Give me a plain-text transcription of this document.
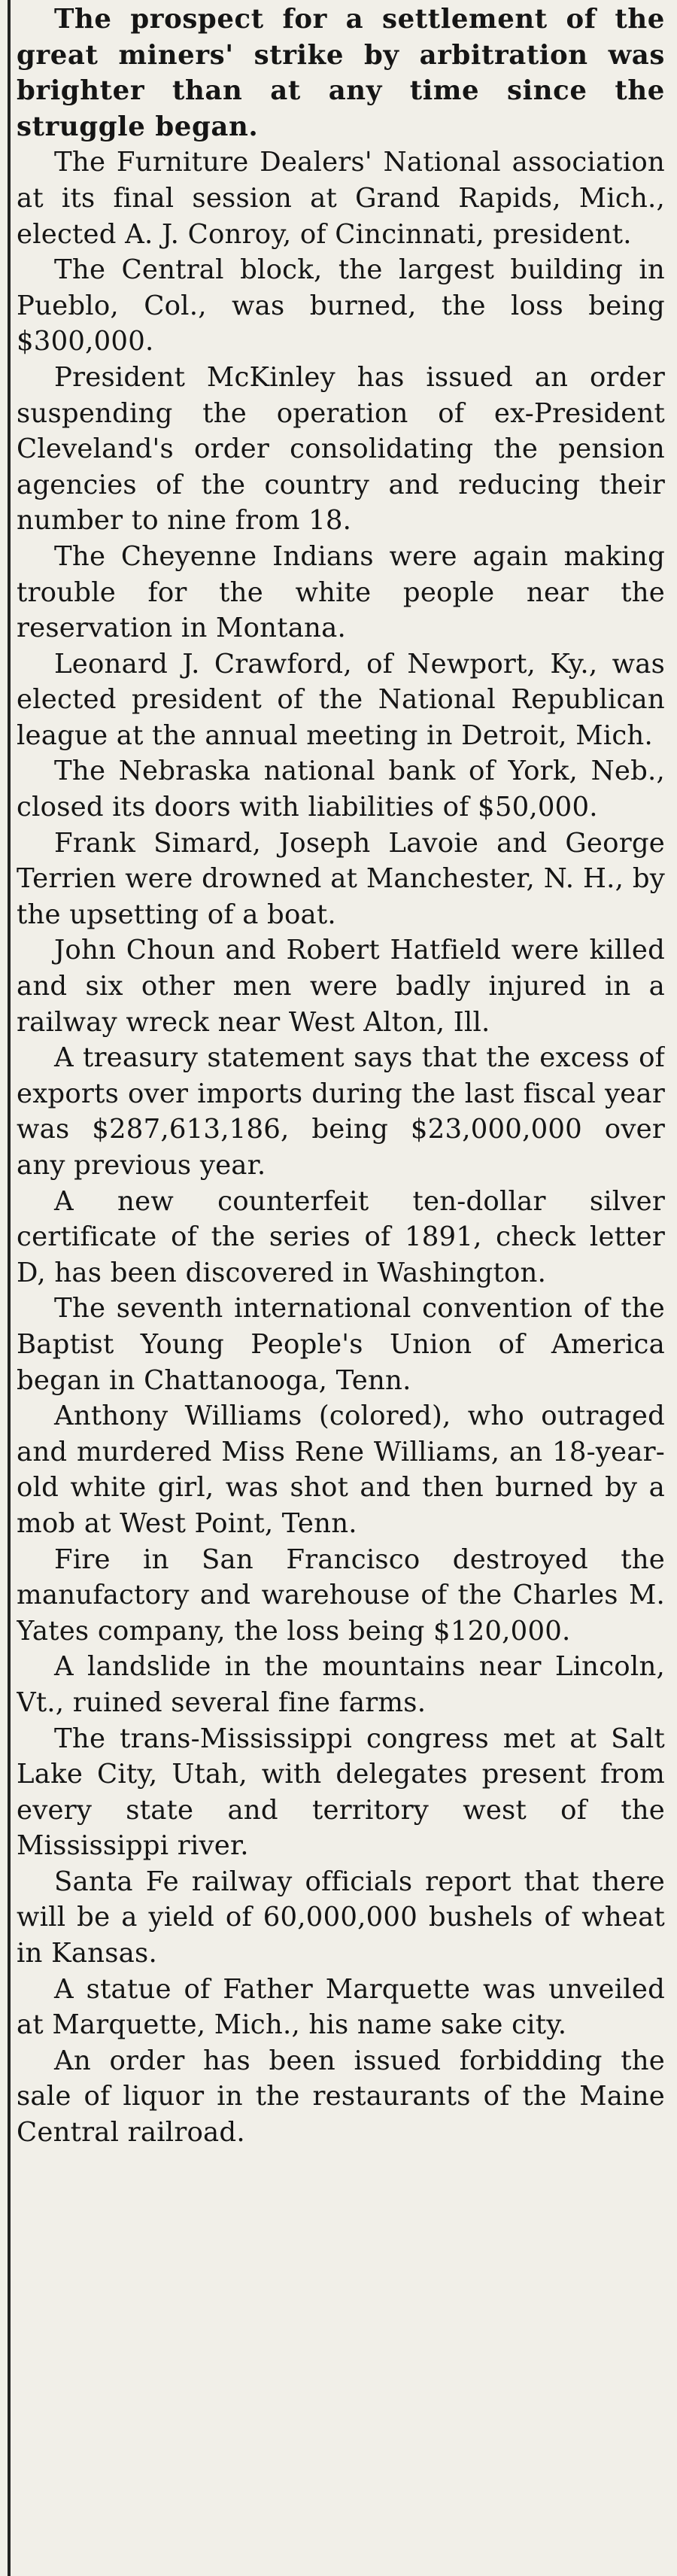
The prospect for a settlement of the great miners' strike by arbitration was brighter than at any time since the struggle began.

The Furniture Dealers' National association at its final session at Grand Rapids, Mich., elected A. J. Conroy, of Cincinnati, president.

The Central block, the largest building in Pueblo, Col., was burned, the loss being $300,000.

President McKinley has issued an order suspending the operation of ex-President Cleveland's order consolidating the pension agencies of the country and reducing their number to nine from 18.

The Cheyenne Indians were again making trouble for the white people near the reservation in Montana.

Leonard J. Crawford, of Newport, Ky., was elected president of the National Republican league at the annual meeting in Detroit, Mich.

The Nebraska national bank of York, Neb., closed its doors with liabilities of $50,000.

Frank Simard, Joseph Lavoie and George Terrien were drowned at Manchester, N. H., by the upsetting of a boat.

John Choun and Robert Hatfield were killed and six other men were badly injured in a railway wreck near West Alton, Ill.

A treasury statement says that the excess of exports over imports during the last fiscal year was $287,613,186, being $23,000,000 over any previous year.

A new counterfeit ten-dollar silver certificate of the series of 1891, check letter D, has been discovered in Washington.

The seventh international convention of the Baptist Young People's Union of America began in Chattanooga, Tenn.

Anthony Williams (colored), who outraged and murdered Miss Rene Williams, an 18-year-old white girl, was shot and then burned by a mob at West Point, Tenn.

Fire in San Francisco destroyed the manufactory and warehouse of the Charles M. Yates company, the loss being $120,000.

A landslide in the mountains near Lincoln, Vt., ruined several fine farms.

The trans-Mississippi congress met at Salt Lake City, Utah, with delegates present from every state and territory west of the Mississippi river.

Santa Fe railway officials report that there will be a yield of 60,000,000 bushels of wheat in Kansas.

A statue of Father Marquette was unveiled at Marquette, Mich., his name sake city.

An order has been issued forbidding the sale of liquor in the restaurants of the Maine Central railroad.
